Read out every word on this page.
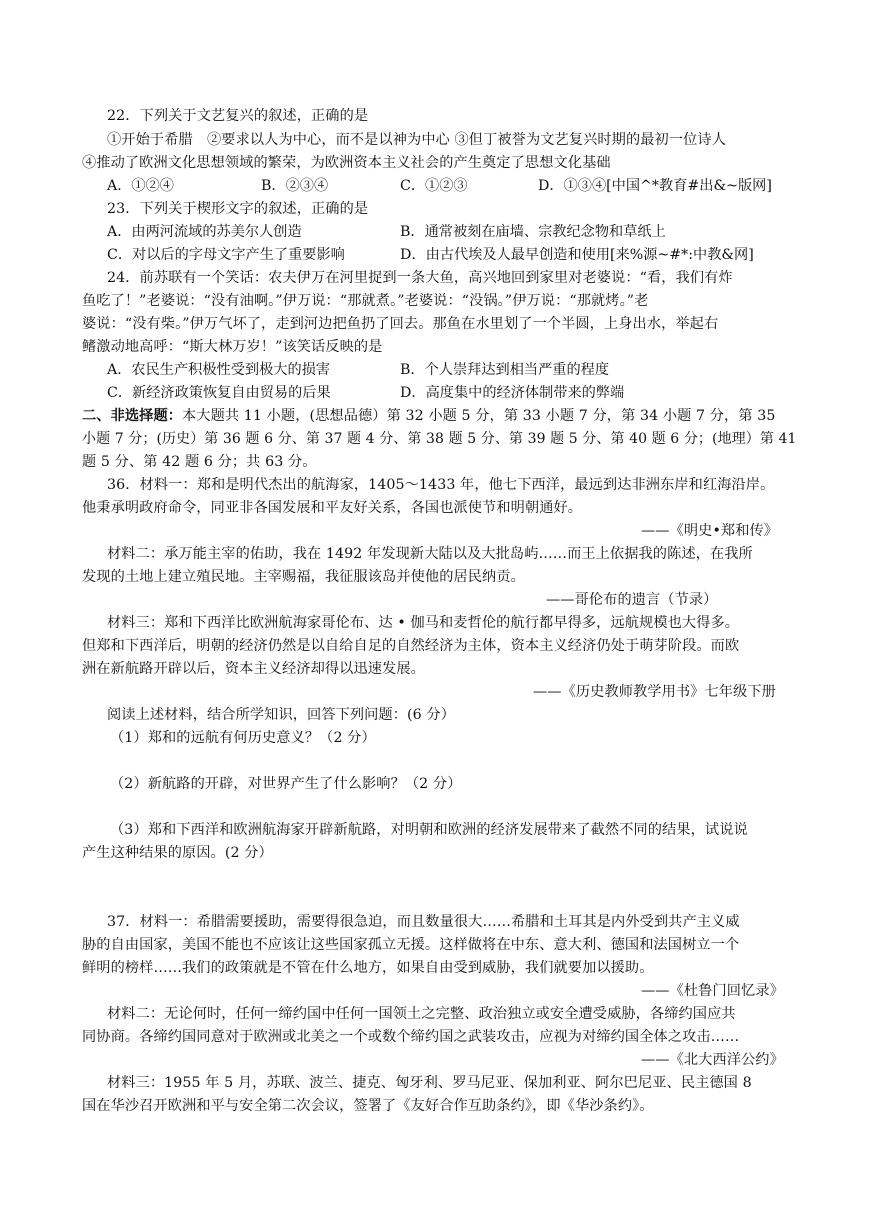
22．下列关于文艺复兴的叙述，正确的是
①开始于希腊　②要求以人为中心，而不是以神为中心 ③但丁被誉为文艺复兴时期的最初一位诗人
④推动了欧洲文化思想领域的繁荣，为欧洲资本主义社会的产生奠定了思想文化基础
A．①②④	B．②③④	C．①②③	D．①③④[中国^*教育#出&~版网]
23．下列关于楔形文字的叙述，正确的是
A．由两河流域的苏美尔人创造	B．通常被刻在庙墙、宗教纪念物和草纸上
C．对以后的字母文字产生了重要影响	D．由古代埃及人最早创造和使用[来%源~#*:中教&网]
24．前苏联有一个笑话：农夫伊万在河里捉到一条大鱼，高兴地回到家里对老婆说：“看，我们有炸
鱼吃了！”老婆说：“没有油啊。”伊万说：“那就煮。”老婆说：“没锅。”伊万说：“那就烤。”老
婆说：“没有柴。”伊万气坏了，走到河边把鱼扔了回去。那鱼在水里划了一个半圆，上身出水，举起右
鳍激动地高呼：“斯大林万岁！”该笑话反映的是
A．农民生产积极性受到极大的损害	B．个人崇拜达到相当严重的程度
C．新经济政策恢复自由贸易的后果	D．高度集中的经济体制带来的弊端
二、非选择题：本大题共 11 小题，(思想品德）第 32 小题 5 分，第 33 小题 7 分，第 34 小题 7 分，第 35
小题 7 分；(历史）第 36 题 6 分、第 37 题 4 分、第 38 题 5 分、第 39 题 5 分、第 40 题 6 分；(地理）第 41
题 5 分、第 42 题 6 分；共 63 分。
36．材料一：郑和是明代杰出的航海家，1405～1433 年，他七下西洋，最远到达非洲东岸和红海沿岸。
他秉承明政府命令，同亚非各国发展和平友好关系，各国也派使节和明朝通好。
——《明史•郑和传》
材料二：承万能主宰的佑助，我在 1492 年发现新大陆以及大批岛屿……而王上依据我的陈述，在我所
发现的土地上建立殖民地。主宰赐福，我征服该岛并使他的居民纳贡。
——哥伦布的遗言（节录）
材料三：郑和下西洋比欧洲航海家哥伦布、达 • 伽马和麦哲伦的航行都早得多，远航规模也大得多。
但郑和下西洋后，明朝的经济仍然是以自给自足的自然经济为主体，资本主义经济仍处于萌芽阶段。而欧
洲在新航路开辟以后，资本主义经济却得以迅速发展。
——《历史教师教学用书》七年级下册
阅读上述材料，结合所学知识，回答下列问题：(6 分）
（1）郑和的远航有何历史意义？（2 分）
（2）新航路的开辟，对世界产生了什么影响？（2 分）
（3）郑和下西洋和欧洲航海家开辟新航路，对明朝和欧洲的经济发展带来了截然不同的结果，试说说
产生这种结果的原因。(2 分）
37．材料一：希腊需要援助，需要得很急迫，而且数量很大……希腊和土耳其是内外受到共产主义威
胁的自由国家，美国不能也不应该让这些国家孤立无援。这样做将在中东、意大利、德国和法国树立一个
鲜明的榜样……我们的政策就是不管在什么地方，如果自由受到威胁，我们就要加以援助。
——《杜鲁门回忆录》
材料二：无论何时，任何一缔约国中任何一国领土之完整、政治独立或安全遭受威胁，各缔约国应共
同协商。各缔约国同意对于欧洲或北美之一个或数个缔约国之武装攻击，应视为对缔约国全体之攻击……
——《北大西洋公约》
材料三：1955 年 5 月，苏联、波兰、捷克、匈牙利、罗马尼亚、保加利亚、阿尔巴尼亚、民主德国 8
国在华沙召开欧洲和平与安全第二次会议，签署了《友好合作互助条约》，即《华沙条约》。
